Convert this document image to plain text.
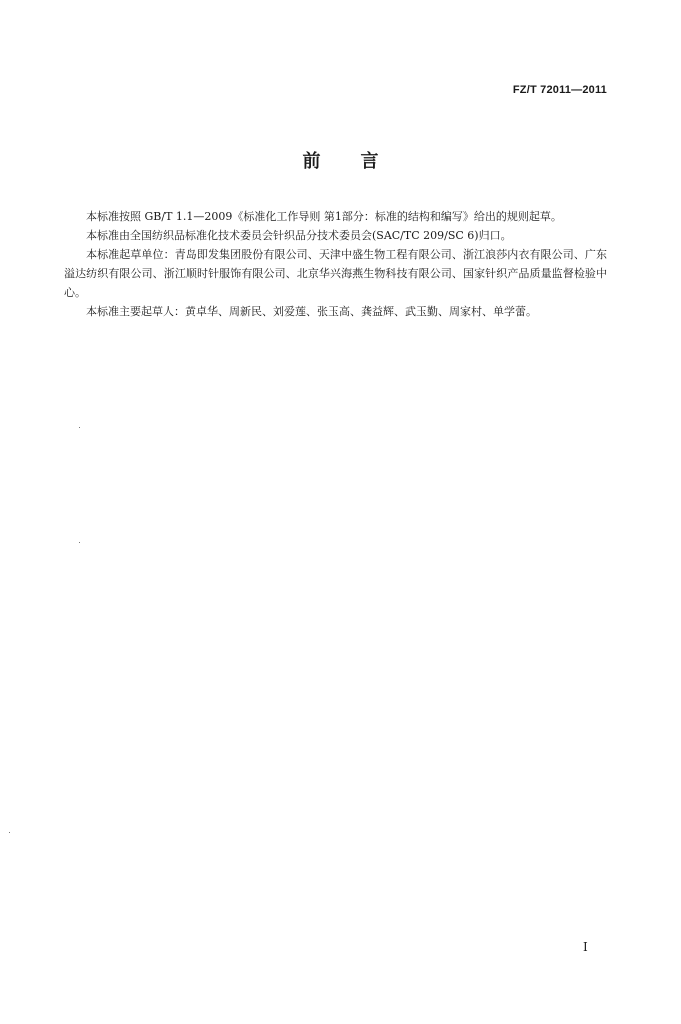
FZ/T 72011—2011
前言

本标准按照 GB/T 1.1—2009《标准化工作导则 第1部分：标准的结构和编写》给出的规则起草。

本标准由全国纺织品标准化技术委员会针织品分技术委员会(SAC/TC 209/SC 6)归口。

本标准起草单位：青岛即发集团股份有限公司、天津中盛生物工程有限公司、浙江浪莎内衣有限公司、广东溢达纺织有限公司、浙江顺时针服饰有限公司、北京华兴海燕生物科技有限公司、国家针织产品质量监督检验中心。

本标准主要起草人：黄卓华、周新民、刘爱莲、张玉高、龚益辉、武玉勤、周家村、单学蕾。

I
